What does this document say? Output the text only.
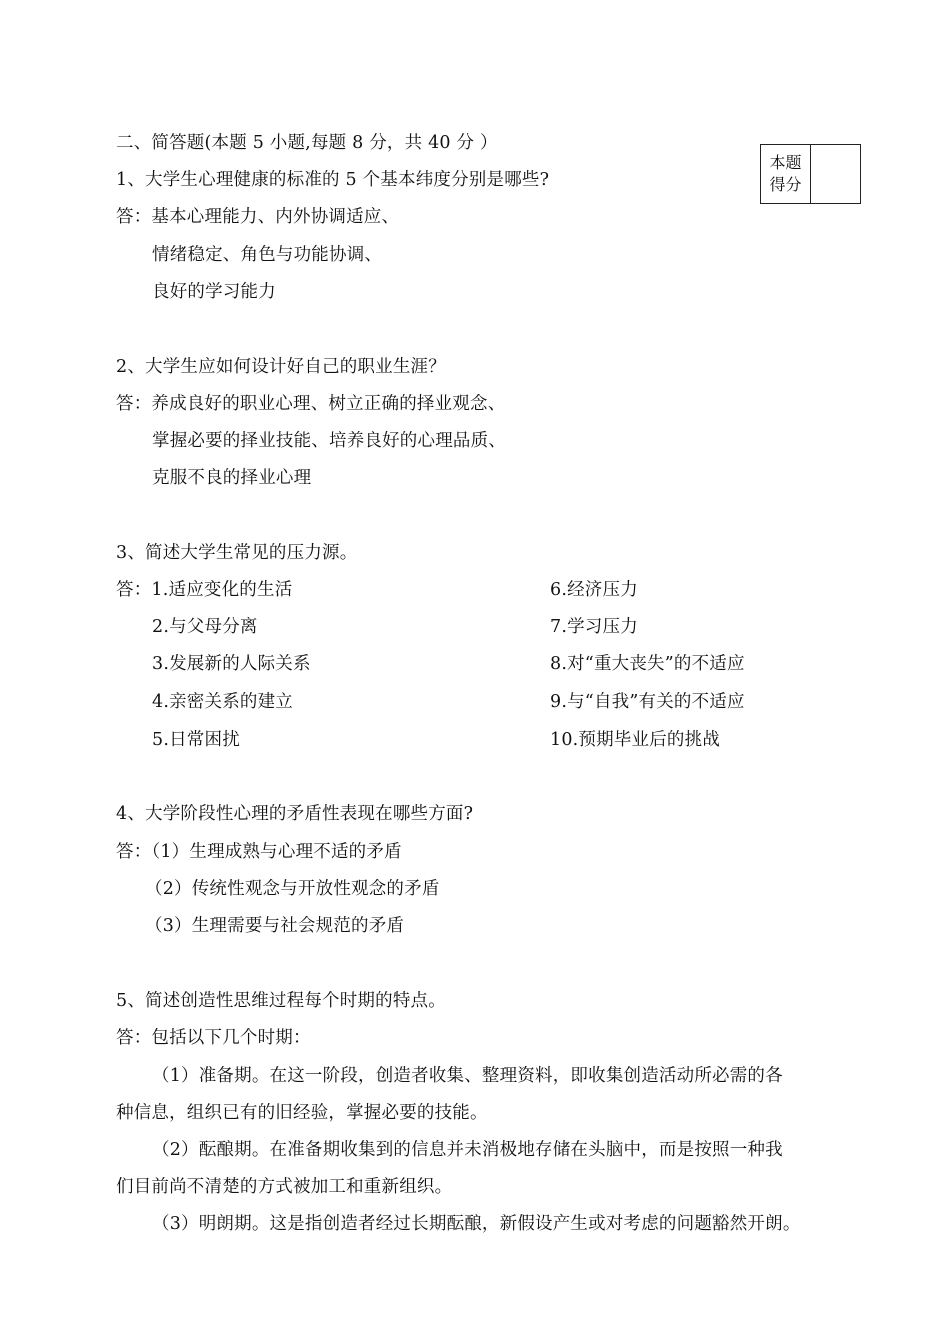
二、简答题(本题 5 小题,每题 8 分，共 40 分 ）
本题
得分
1、大学生心理健康的标准的 5 个基本纬度分别是哪些?
答：基本心理能力、内外协调适应、
情绪稳定、角色与功能协调、
良好的学习能力
2、大学生应如何设计好自己的职业生涯？
答：养成良好的职业心理、树立正确的择业观念、
掌握必要的择业技能、培养良好的心理品质、
克服不良的择业心理
3、简述大学生常见的压力源。
答：1.适应变化的生活
2.与父母分离
3.发展新的人际关系
4.亲密关系的建立
5.日常困扰
6.经济压力
7.学习压力
8.对“重大丧失”的不适应
9.与“自我”有关的不适应
10.预期毕业后的挑战
4、大学阶段性心理的矛盾性表现在哪些方面?
答：（1）生理成熟与心理不适的矛盾
（2）传统性观念与开放性观念的矛盾
（3）生理需要与社会规范的矛盾
5、简述创造性思维过程每个时期的特点。
答：包括以下几个时期：
（1）准备期。在这一阶段，创造者收集、整理资料，即收集创造活动所必需的各
种信息，组织已有的旧经验，掌握必要的技能。
（2）酝酿期。在准备期收集到的信息并未消极地存储在头脑中，而是按照一种我
们目前尚不清楚的方式被加工和重新组织。
（3）明朗期。这是指创造者经过长期酝酿，新假设产生或对考虑的问题豁然开朗。
